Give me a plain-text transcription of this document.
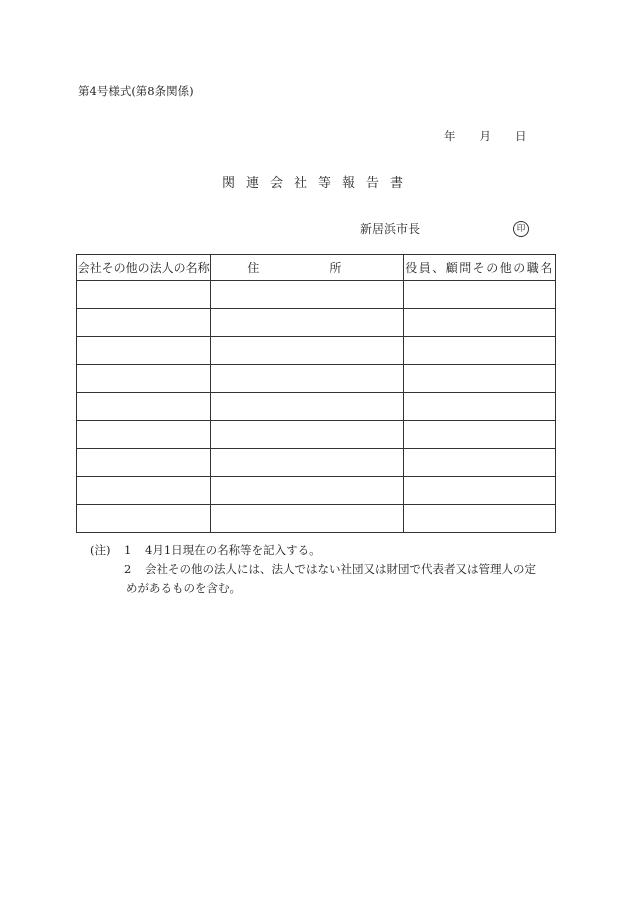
第4号様式(第8条関係)
年 月 日
関連会社等報告書
新居浜市長	印
会社その他の法人の名称	住 所	役員、顧問その他の職名

(注) 1 4月1日現在の名称等を記入する。
2 会社その他の法人には、法人ではない社団又は財団で代表者又は管理人の定
めがあるものを含む。
